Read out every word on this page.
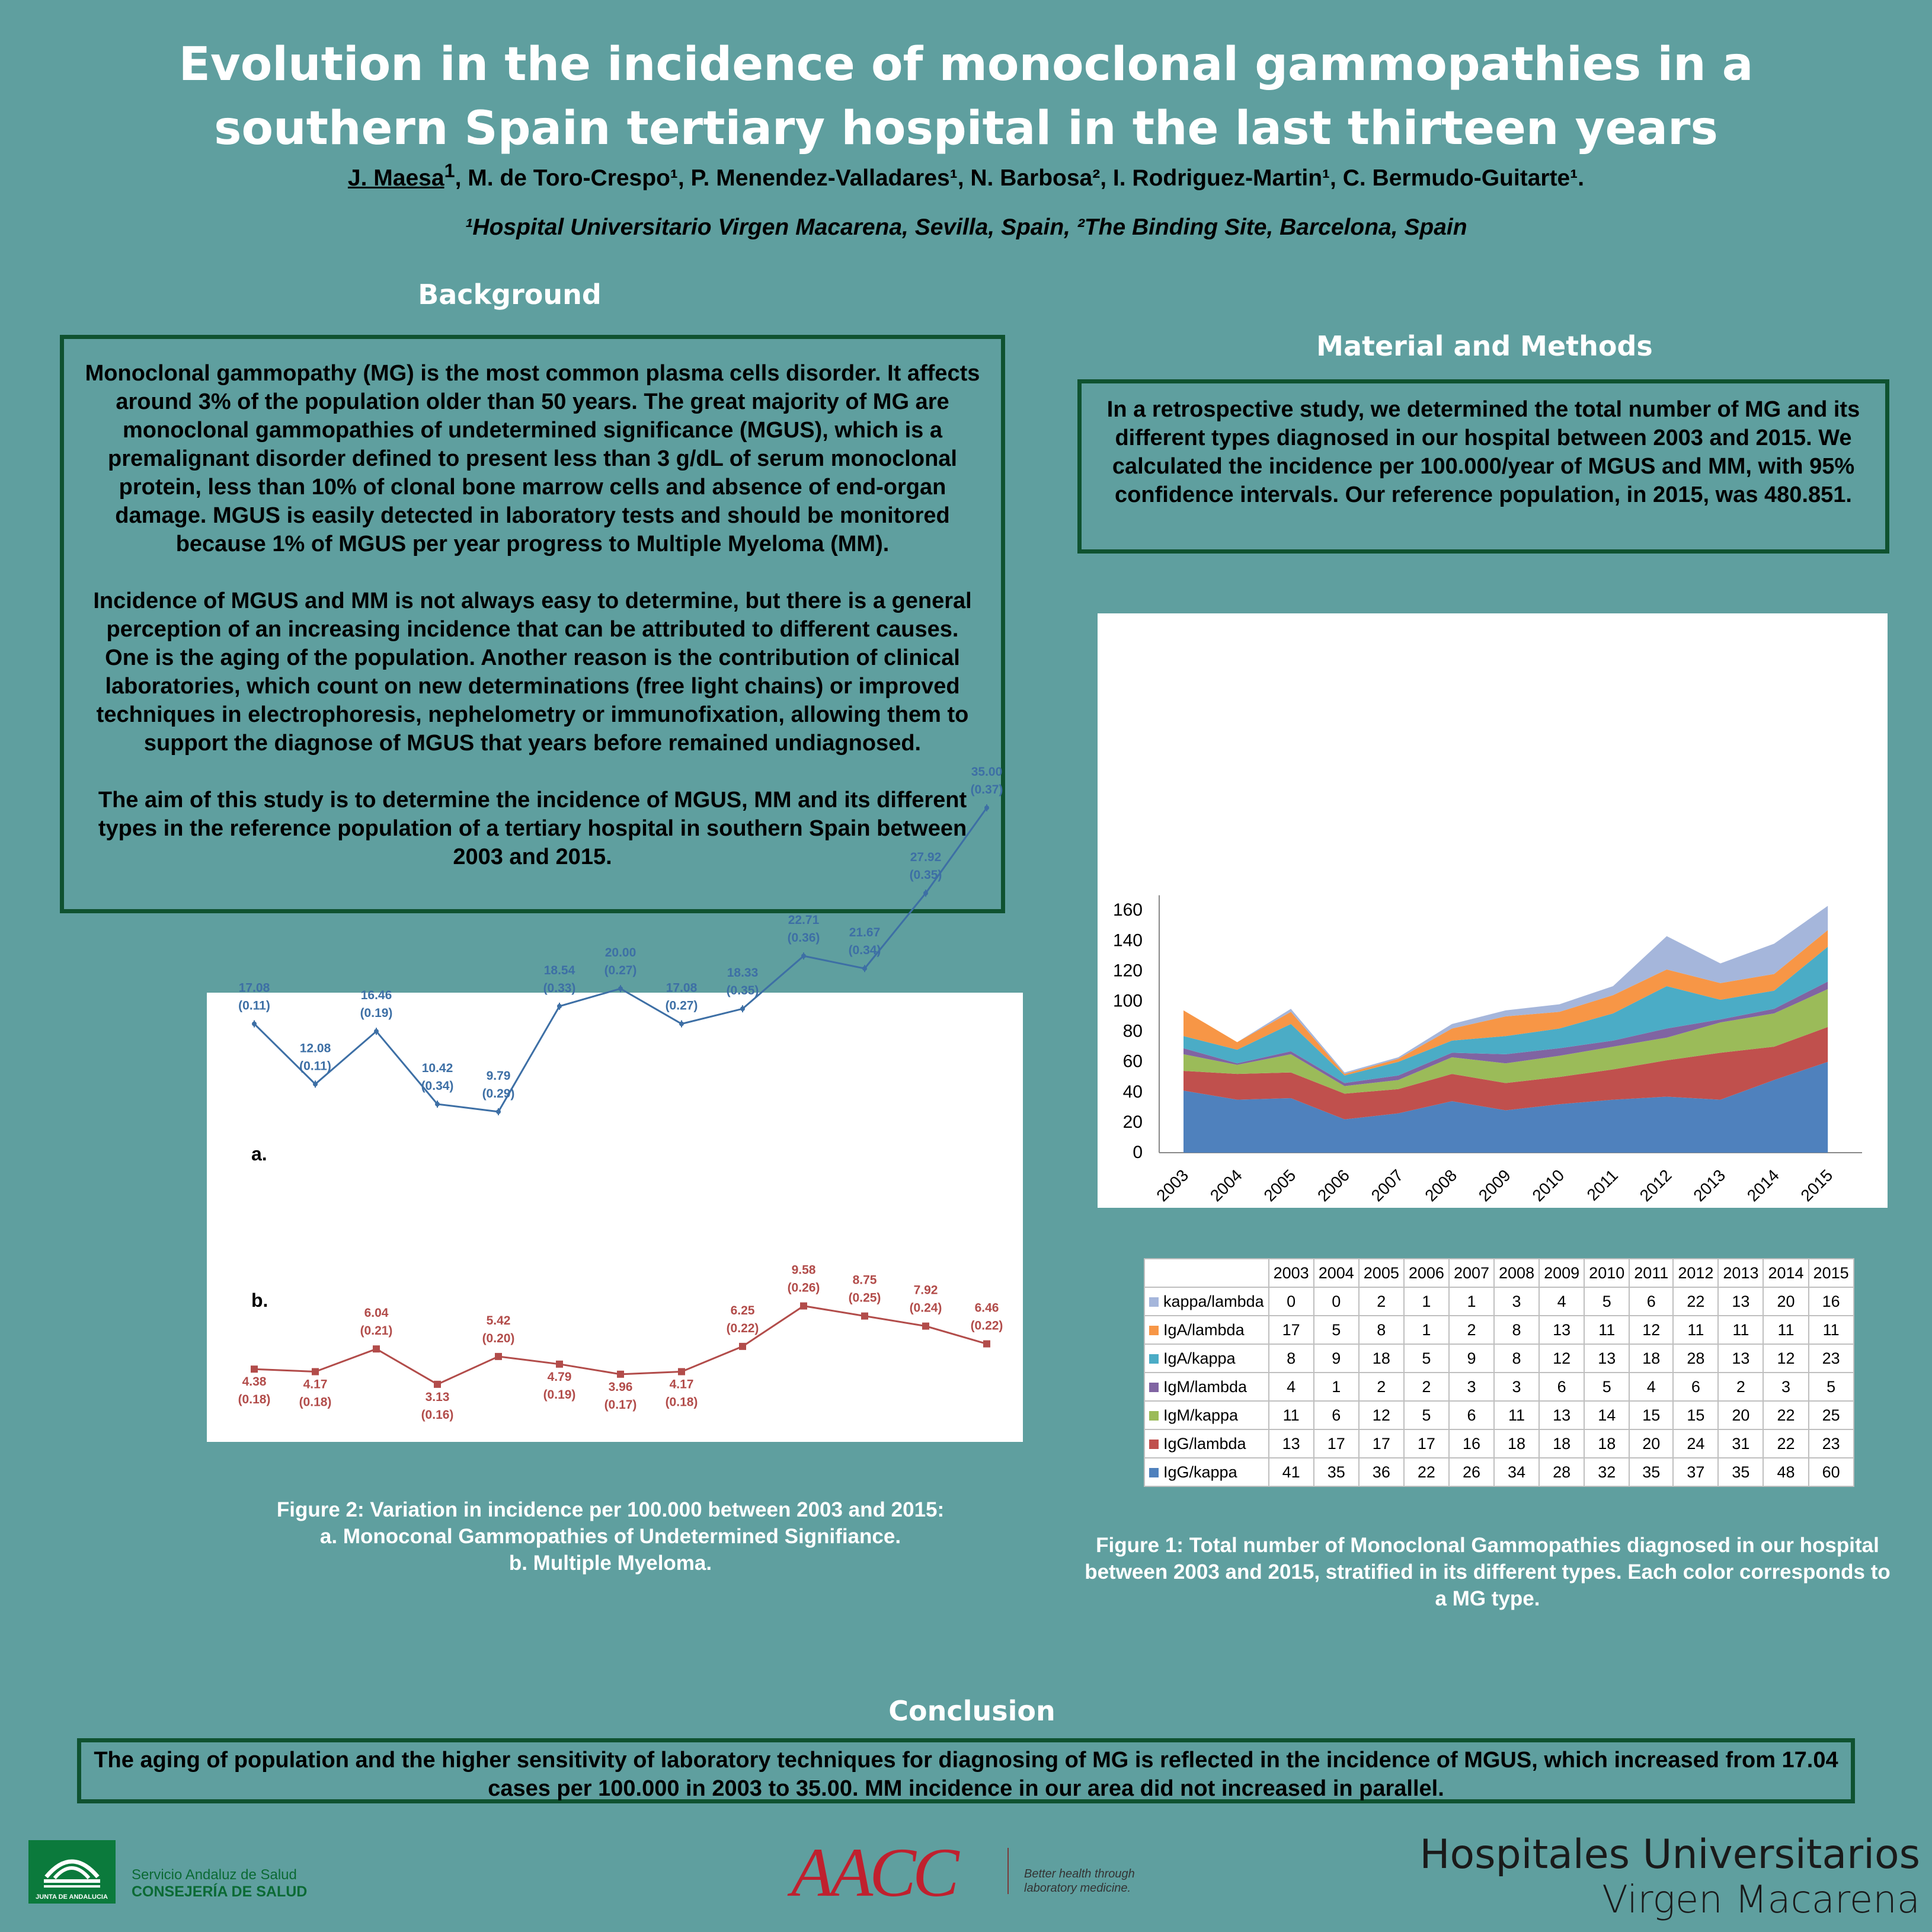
Evolution in the incidence of monoclonal gammopathies in a southern Spain tertiary hospital in the last thirteen years
J. Maesa$^1$, M. de Toro-Crespo¹, P. Menendez-Valladares¹, N. Barbosa², I. Rodriguez-Martin¹, C. Bermudo-Guitarte¹.
¹Hospital Universitario Virgen Macarena, Sevilla, Spain, ²The Binding Site, Barcelona, Spain
Background

Monoclonal gammopathy (MG) is the most common plasma cells disorder. It affects around 3% of the population older than 50 years. The great majority of MG are monoclonal gammopathies of undetermined significance (MGUS), which is a premalignant disorder defined to present less than 3 g/dL of serum monoclonal protein, less than 10% of clonal bone marrow cells and absence of end-organ damage. MGUS is easily detected in laboratory tests and should be monitored because 1% of MGUS per year progress to Multiple Myeloma (MM).

Incidence of MGUS and MM is not always easy to determine, but there is a general perception of an increasing incidence that can be attributed to different causes. One is the aging of the population. Another reason is the contribution of clinical laboratories, which count on new determinations (free light chains) or improved techniques in electrophoresis, nephelometry or immunofixation, allowing them to support the diagnose of MGUS that years before remained undiagnosed.

The aim of this study is to determine the incidence of MGUS, MM and its different types in the reference population of a tertiary hospital in southern Spain between 2003 and 2015.

Material and Methods
In a retrospective study, we determined the total number of MG and its different types diagnosed in our hospital between 2003 and 2015. We calculated the incidence per 100.000/year of MGUS and MM, with 95% confidence intervals. Our reference population, in 2015, was 480.851.
a.
17.08
(0.11)
12.08
(0.11)
16.46
(0.19)
10.42
(0.34)
9.79
(0.29)
18.54
(0.33)
20.00
(0.27)
17.08
(0.27)
18.33
(0.35)
22.71
(0.36) 21.67
(0.34)
27.92
(0.35)
35.00
(0.37)
b.
4.38
(0.18)
4.17
(0.18)
6.04
(0.21)
3.13
(0.16)
5.42
(0.20)
4.79
(0.19)
3.96
(0.17)
4.17
(0.18)
6.25
(0.22)
9.58
(0.26)
8.75
(0.25)
7.92
(0.24)	6.46
(0.22)
Figure 2: Variation in incidence per 100.000 between 2003 and 2015:
a. Monoconal Gammopathies of Undetermined Signifiance.
b. Multiple Myeloma.
0
20
40
60
80
100
120
140
160
2003 2004 2005 2006 2007 2008 2009 2010 2011 2012 2013 2014 2015
	2003	2004	2005	2006	2007	2008	2009	2010	2011	2012	2013	2014	2015
kappa/lambda	0	0	2	1	1	3	4	5	6	22	13	20	16
IgA/lambda	17	5	8	1	2	8	13	11	12	11	11	11	11
IgA/kappa	8	9	18	5	9	8	12	13	18	28	13	12	23
IgM/lambda	4	1	2	2	3	3	6	5	4	6	2	3	5
IgM/kappa	11	6	12	5	6	11	13	14	15	15	20	22	25
IgG/lambda	13	17	17	17	16	18	18	18	20	24	31	22	23
IgG/kappa	41	35	36	22	26	34	28	32	35	37	35	48	60
Figure 1: Total number of Monoclonal Gammopathies diagnosed in our hospital between 2003 and 2015, stratified in its different types. Each color corresponds to a MG type.
Conclusion
The aging of population and the higher sensitivity of laboratory techniques for diagnosing of MG is reflected in the incidence of MGUS, which increased from 17.04 cases per 100.000 in 2003 to 35.00. MM incidence in our area did not increased in parallel.
JUNTA DE ANDALUCIA
Servicio Andaluz de Salud
CONSEJERÍA DE SALUD	AACC	Better health through
laboratory medicine.
Hospitales Universitarios
Virgen Macarena
